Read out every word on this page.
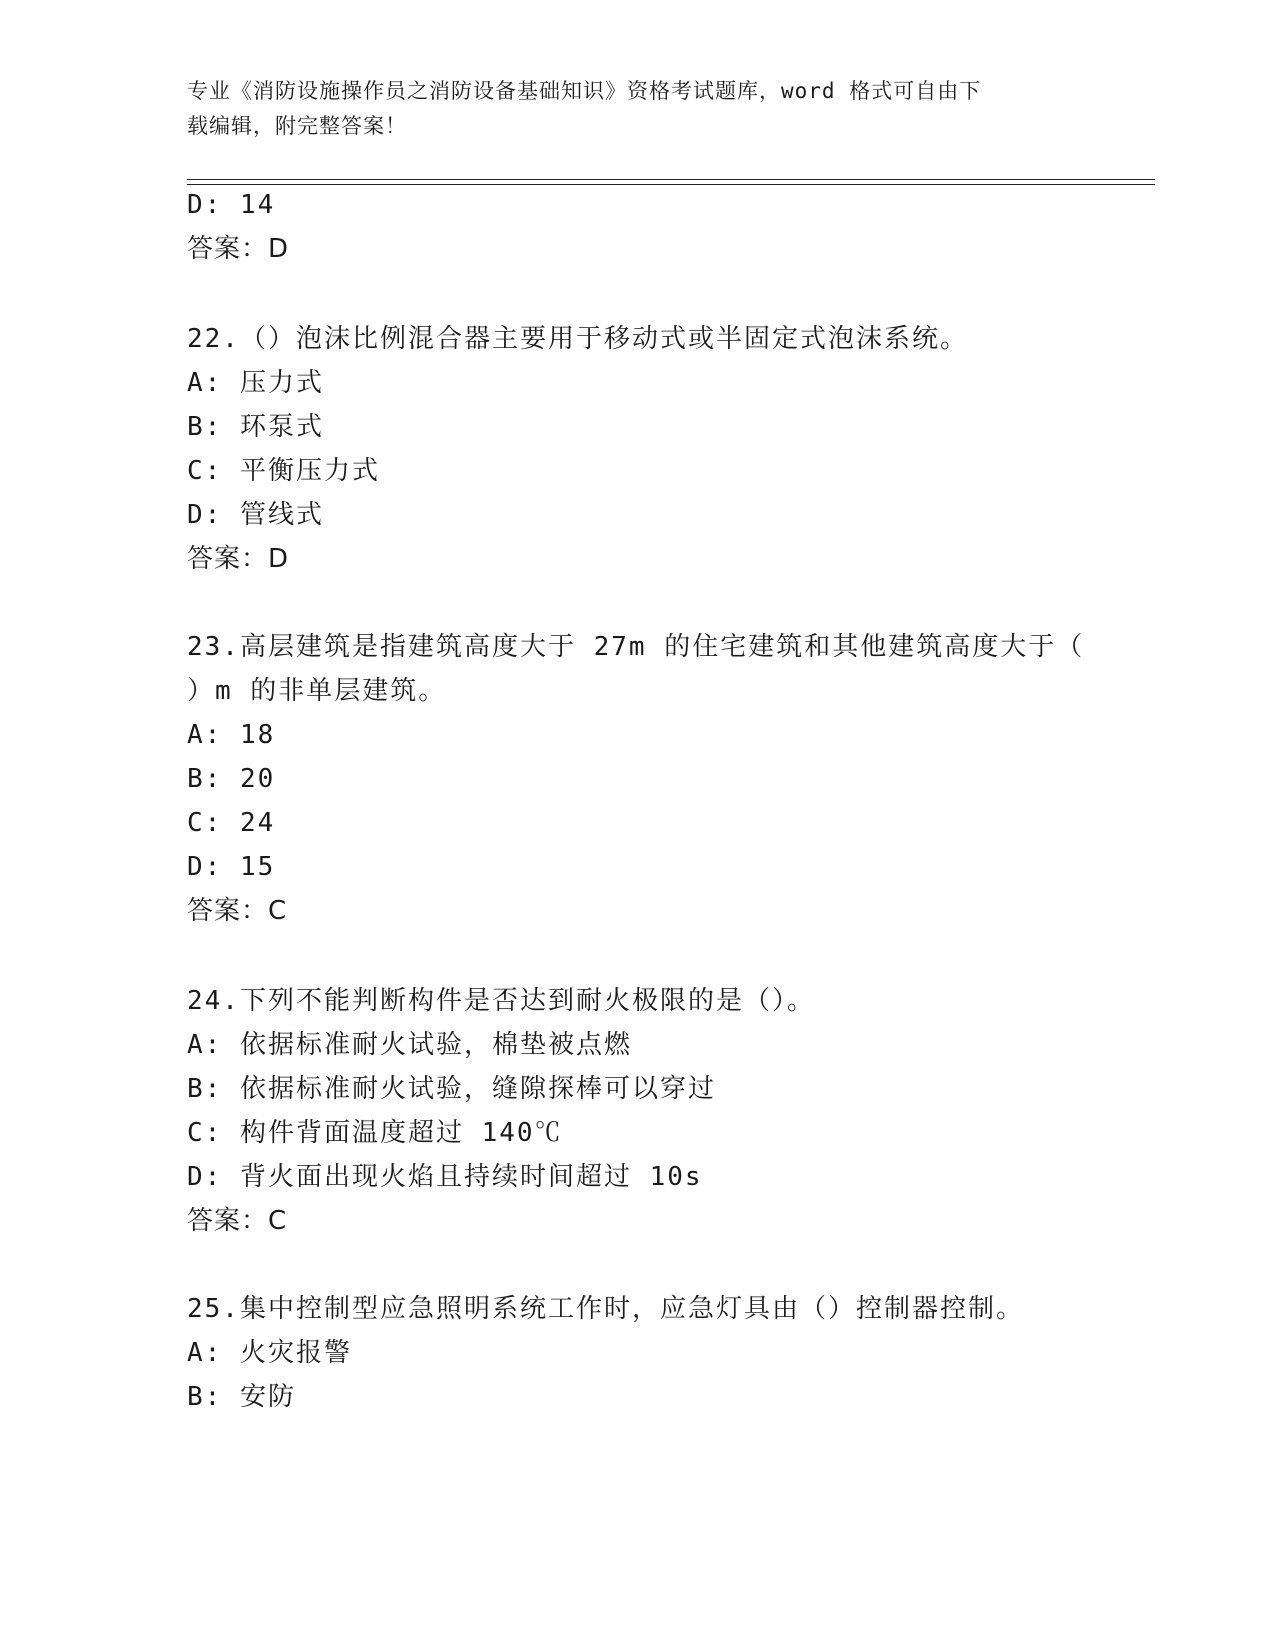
专业《消防设施操作员之消防设备基础知识》资格考试题库，word 格式可自由下
载编辑，附完整答案！
D: 14
答案：D
22.（）泡沫比例混合器主要用于移动式或半固定式泡沫系统。
A: 压力式
B: 环泵式
C: 平衡压力式
D: 管线式
答案：D
23.高层建筑是指建筑高度大于 27m 的住宅建筑和其他建筑高度大于（
）m 的非单层建筑。
A: 18
B: 20
C: 24
D: 15
答案：C
24.下列不能判断构件是否达到耐火极限的是（）。
A: 依据标准耐火试验，棉垫被点燃
B: 依据标准耐火试验，缝隙探棒可以穿过
C: 构件背面温度超过 140℃
D: 背火面出现火焰且持续时间超过 10s
答案：C
25.集中控制型应急照明系统工作时，应急灯具由（）控制器控制。
A: 火灾报警
B: 安防
